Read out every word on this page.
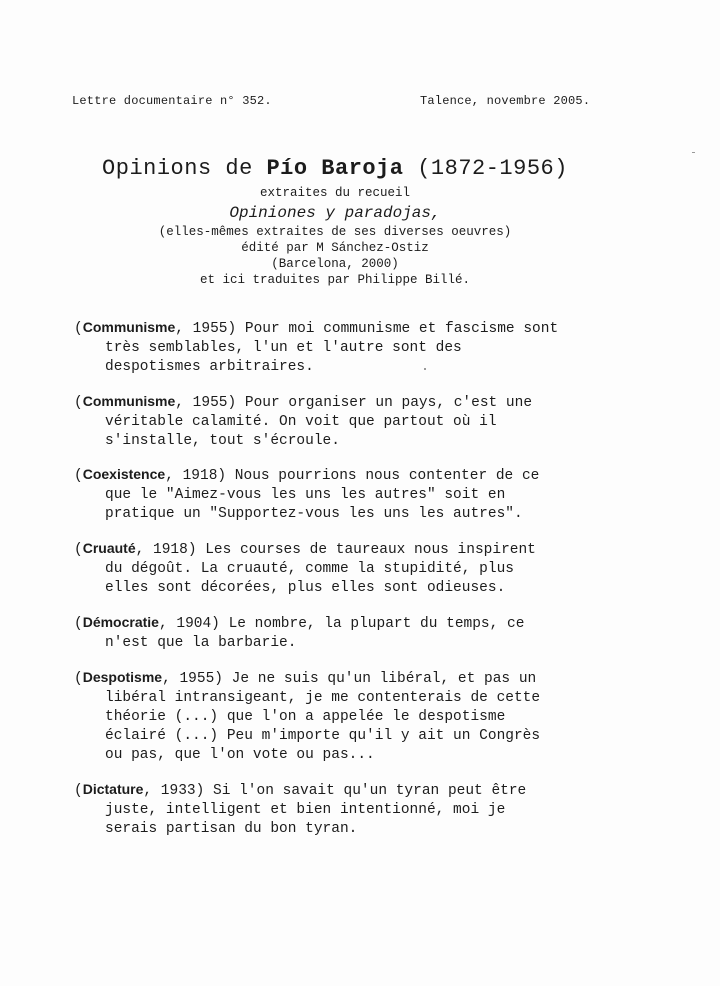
Lettre documentaire n° 352.	Talence, novembre 2005.
Opinions de Pío Baroja (1872-1956)
extraites du recueil
Opiniones y paradojas,
(elles-mêmes extraites de ses diverses oeuvres)
édité par M Sánchez-Ostiz
(Barcelona, 2000)
et ici traduites par Philippe Billé.
(Communisme, 1955) Pour moi communisme et fascisme sont
très semblables, l'un et l'autre sont des
despotismes arbitraires.
(Communisme, 1955) Pour organiser un pays, c'est une
véritable calamité. On voit que partout où il
s'installe, tout s'écroule.
(Coexistence, 1918) Nous pourrions nous contenter de ce
que le "Aimez-vous les uns les autres" soit en
pratique un "Supportez-vous les uns les autres".
(Cruauté, 1918) Les courses de taureaux nous inspirent
du dégoût. La cruauté, comme la stupidité, plus
elles sont décorées, plus elles sont odieuses.
(Démocratie, 1904) Le nombre, la plupart du temps, ce
n'est que la barbarie.
(Despotisme, 1955) Je ne suis qu'un libéral, et pas un
libéral intransigeant, je me contenterais de cette
théorie (...) que l'on a appelée le despotisme
éclairé (...) Peu m'importe qu'il y ait un Congrès
ou pas, que l'on vote ou pas...
(Dictature, 1933) Si l'on savait qu'un tyran peut être
juste, intelligent et bien intentionné, moi je
serais partisan du bon tyran.
